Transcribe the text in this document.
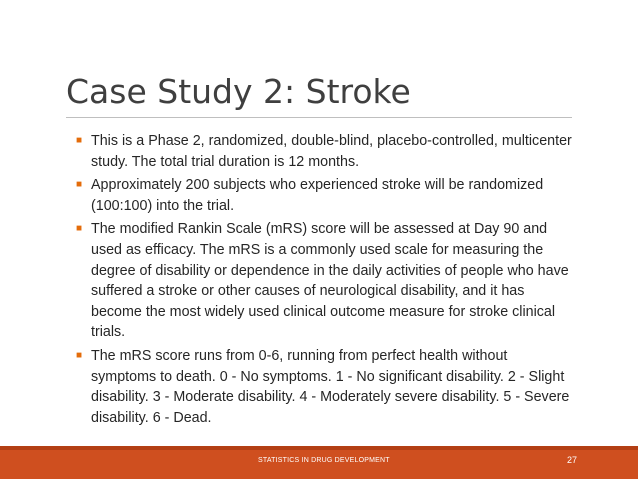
Case Study 2: Stroke
■ This is a Phase 2, randomized, double-blind, placebo-controlled, multicenter study. The total trial duration is 12 months.
■ Approximately 200 subjects who experienced stroke will be randomized (100:100) into the trial.
■ The modified Rankin Scale (mRS) score will be assessed at Day 90 and used as efficacy. The mRS is a commonly used scale for measuring the degree of disability or dependence in the daily activities of people who have suffered a stroke or other causes of neurological disability, and it has become the most widely used clinical outcome measure for stroke clinical trials.
■ The mRS score runs from 0-6, running from perfect health without symptoms to death. 0 - No symptoms. 1 - No significant disability. 2 - Slight disability. 3 - Moderate disability. 4 - Moderately severe disability. 5 - Severe disability. 6 - Dead.
STATISTICS IN DRUG DEVELOPMENT	27
